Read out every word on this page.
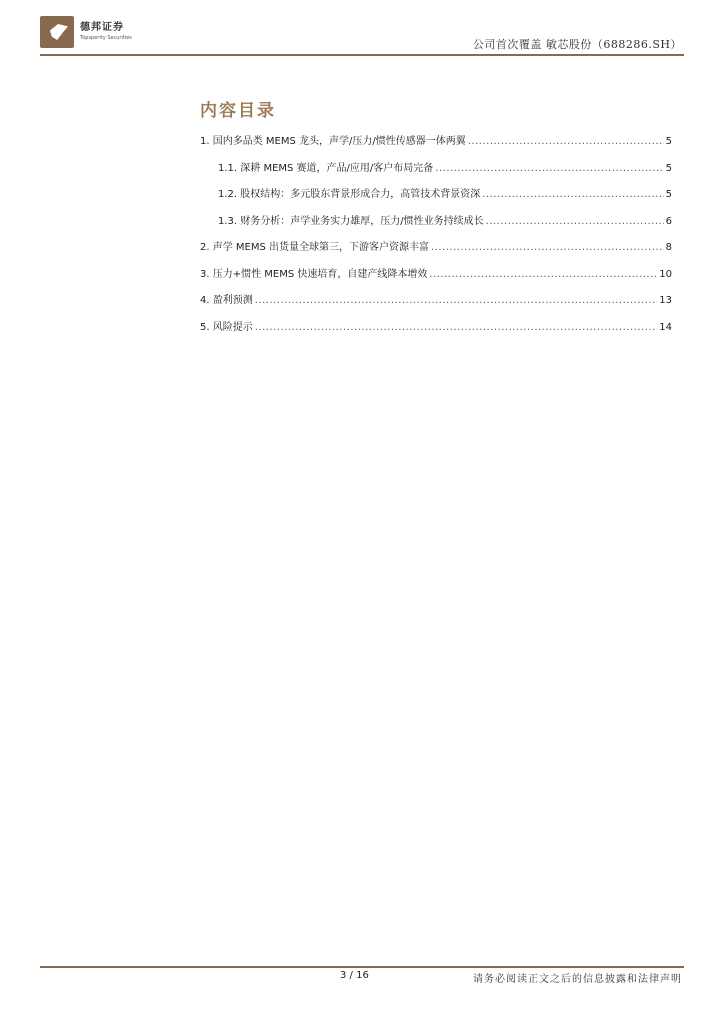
德邦证券
Topsperity Securities	公司首次覆盖 敏芯股份（688286.SH）
内容目录
1. 国内多品类 MEMS 龙头，声学/压力/惯性传感器一体两翼 .....	5
1.1. 深耕 MEMS 赛道，产品/应用/客户布局完备 .....	5
1.2. 股权结构：多元股东背景形成合力，高管技术背景资深 .....	5
1.3. 财务分析：声学业务实力雄厚，压力/惯性业务持续成长 .....	6
2. 声学 MEMS 出货量全球第三，下游客户资源丰富 .....	8
3. 压力+惯性 MEMS 快速培育，自建产线降本增效 .....	10
4. 盈利预测 .....	13
5. 风险提示 .....	14
3 / 16	请务必阅读正文之后的信息披露和法律声明
